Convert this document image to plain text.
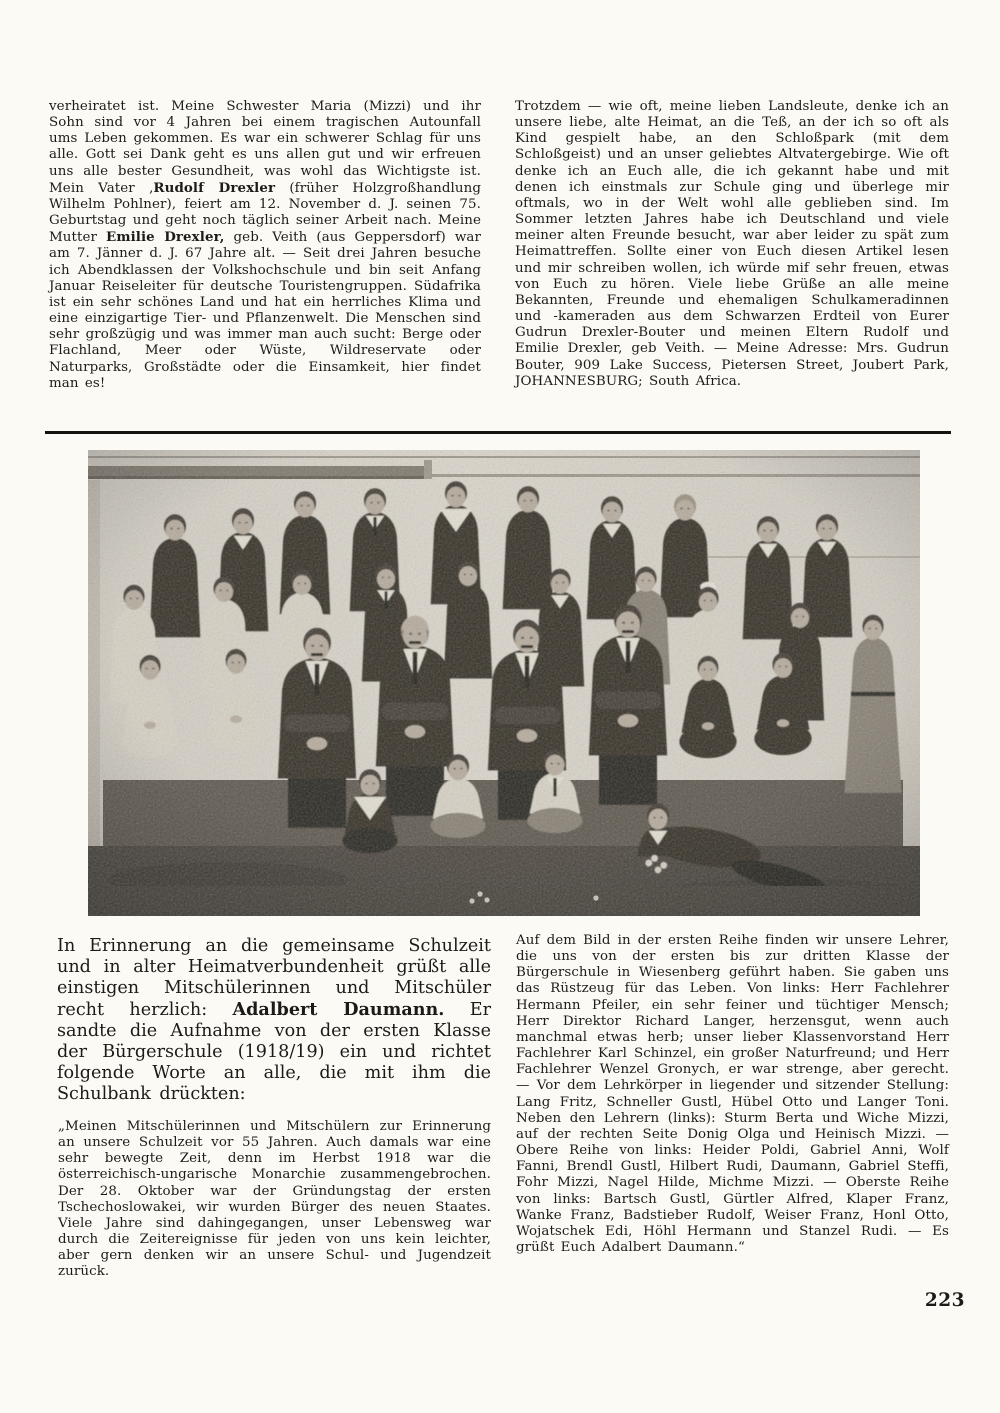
verheiratet ist. Meine Schwester Maria (Mizzi) und ihr Sohn sind vor 4 Jahren bei einem tragischen Autounfall ums Leben gekommen. Es war ein schwerer Schlag für uns alle. Gott sei Dank geht es uns allen gut und wir erfreuen uns alle bester Gesundheit, was wohl das Wichtigste ist. Mein Vater ‚Rudolf Drexler (früher Holzgroßhandlung Wilhelm Pohlner), feiert am 12. November d. J. seinen 75. Geburtstag und geht noch täglich seiner Arbeit nach. Meine Mutter Emilie Drexler, geb. Veith (aus Geppersdorf) war am 7. Jänner d. J. 67 Jahre alt. — Seit drei Jahren besuche ich Abendklassen der Volkshochschule und bin seit Anfang Januar Reiseleiter für deutsche Touristengruppen. Südafrika ist ein sehr schönes Land und hat ein herrliches Klima und eine einzigartige Tier- und Pflanzenwelt. Die Menschen sind sehr großzügig und was immer man auch sucht: Berge oder Flachland, Meer oder Wüste, Wildreservate oder Naturparks, Großstädte oder die Einsamkeit, hier findet man es!

Trotzdem — wie oft, meine lieben Landsleute, denke ich an unsere liebe, alte Heimat, an die Teß, an der ich so oft als Kind gespielt habe, an den Schloßpark (mit dem Schloßgeist) und an unser geliebtes Altvatergebirge. Wie oft denke ich an Euch alle, die ich gekannt habe und mit denen ich einstmals zur Schule ging und überlege mir oftmals, wo in der Welt wohl alle geblieben sind. Im Sommer letzten Jahres habe ich Deutschland und viele meiner alten Freunde besucht, war aber leider zu spät zum Heimattreffen. Sollte einer von Euch diesen Artikel lesen und mir schreiben wollen, ich würde mif sehr freuen, etwas von Euch zu hören. Viele liebe Grüße an alle meine Bekannten, Freunde und ehemaligen Schulkameradinnen und -kameraden aus dem Schwarzen Erdteil von Eurer Gudrun Drexler-Bouter und meinen Eltern Rudolf und Emilie Drexler, geb Veith. — Meine Adresse: Mrs. Gudrun Bouter, 909 Lake Success, Pietersen Street, Joubert Park, JOHANNESBURG; South Africa.

In Erinnerung an die gemeinsame Schulzeit und in alter Heimatverbundenheit grüßt alle einstigen Mitschülerinnen und Mitschüler recht herzlich: Adalbert Daumann. Er sandte die Aufnahme von der ersten Klasse der Bürgerschule (1918/19) ein und richtet folgende Worte an alle, die mit ihm die Schulbank drückten:

„Meinen Mitschülerinnen und Mitschülern zur Erinnerung an unsere Schulzeit vor 55 Jahren. Auch damals war eine sehr bewegte Zeit, denn im Herbst 1918 war die österreichisch-ungarische Monarchie zusammengebrochen. Der 28. Oktober war der Gründungstag der ersten Tschechoslowakei, wir wurden Bürger des neuen Staates. Viele Jahre sind dahingegangen, unser Lebensweg war durch die Zeitereignisse für jeden von uns kein leichter, aber gern denken wir an unsere Schul- und Jugendzeit zurück.

Auf dem Bild in der ersten Reihe finden wir unsere Lehrer, die uns von der ersten bis zur dritten Klasse der Bürgerschule in Wiesenberg geführt haben. Sie gaben uns das Rüstzeug für das Leben. Von links: Herr Fachlehrer Hermann Pfeiler, ein sehr feiner und tüchtiger Mensch; Herr Direktor Richard Langer, herzensgut, wenn auch manchmal etwas herb; unser lieber Klassenvorstand Herr Fachlehrer Karl Schinzel, ein großer Naturfreund; und Herr Fachlehrer Wenzel Gronych, er war strenge, aber gerecht. — Vor dem Lehrkörper in liegender und sitzender Stellung: Lang Fritz, Schneller Gustl, Hübel Otto und Langer Toni. Neben den Lehrern (links): Sturm Berta und Wiche Mizzi, auf der rechten Seite Donig Olga und Heinisch Mizzi. — Obere Reihe von links: Heider Poldi, Gabriel Anni, Wolf Fanni, Brendl Gustl, Hilbert Rudi, Daumann, Gabriel Steffi, Fohr Mizzi, Nagel Hilde, Michme Mizzi. — Oberste Reihe von links: Bartsch Gustl, Gürtler Alfred, Klaper Franz, Wanke Franz, Badstieber Rudolf, Weiser Franz, Honl Otto, Wojatschek Edi, Höhl Hermann und Stanzel Rudi. — Es grüßt Euch Adalbert Daumann.“

223
